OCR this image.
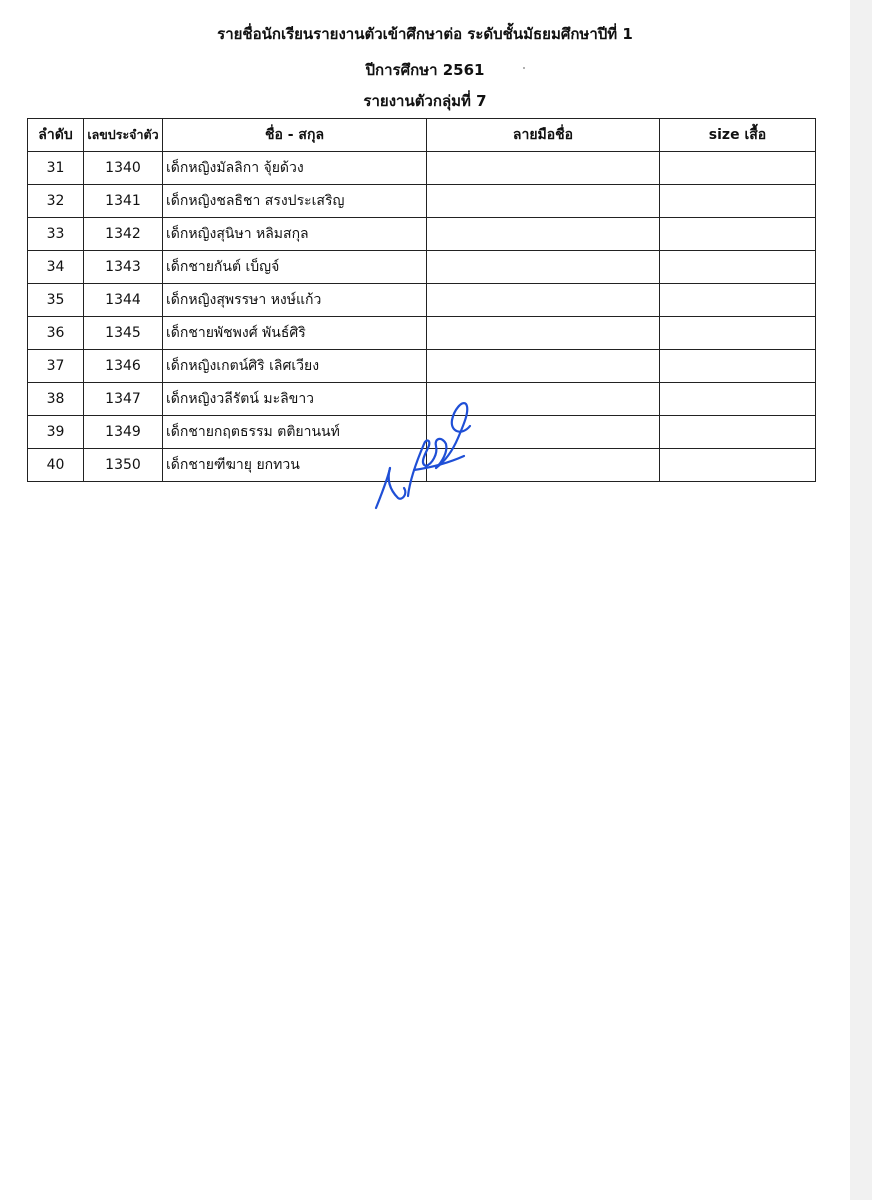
รายชื่อนักเรียนรายงานตัวเข้าศึกษาต่อ ระดับชั้นมัธยมศึกษาปีที่ 1
ปีการศึกษา 2561
รายงานตัวกลุ่มที่ 7
ลำดับ	เลขประจำตัว	ชื่อ - สกุล	ลายมือชื่อ	size เสื้อ
31	1340	เด็กหญิงมัลลิกา จุ้ยด้วง		
32	1341	เด็กหญิงชลธิชา สรงประเสริญ		
33	1342	เด็กหญิงสุนิษา หลิมสกุล		
34	1343	เด็กชายกันต์ เบ็ญจ์		
35	1344	เด็กหญิงสุพรรษา หงษ์แก้ว		
36	1345	เด็กชายพัชพงศ์ พันธ์ศิริ		
37	1346	เด็กหญิงเกตน์ศิริ เลิศเวียง		
38	1347	เด็กหญิงวลีรัตน์ มะลิขาว		
39	1349	เด็กชายกฤตธรรม ตติยานนท์		
40	1350	เด็กชายฑีฆายุ ยกทวน		
